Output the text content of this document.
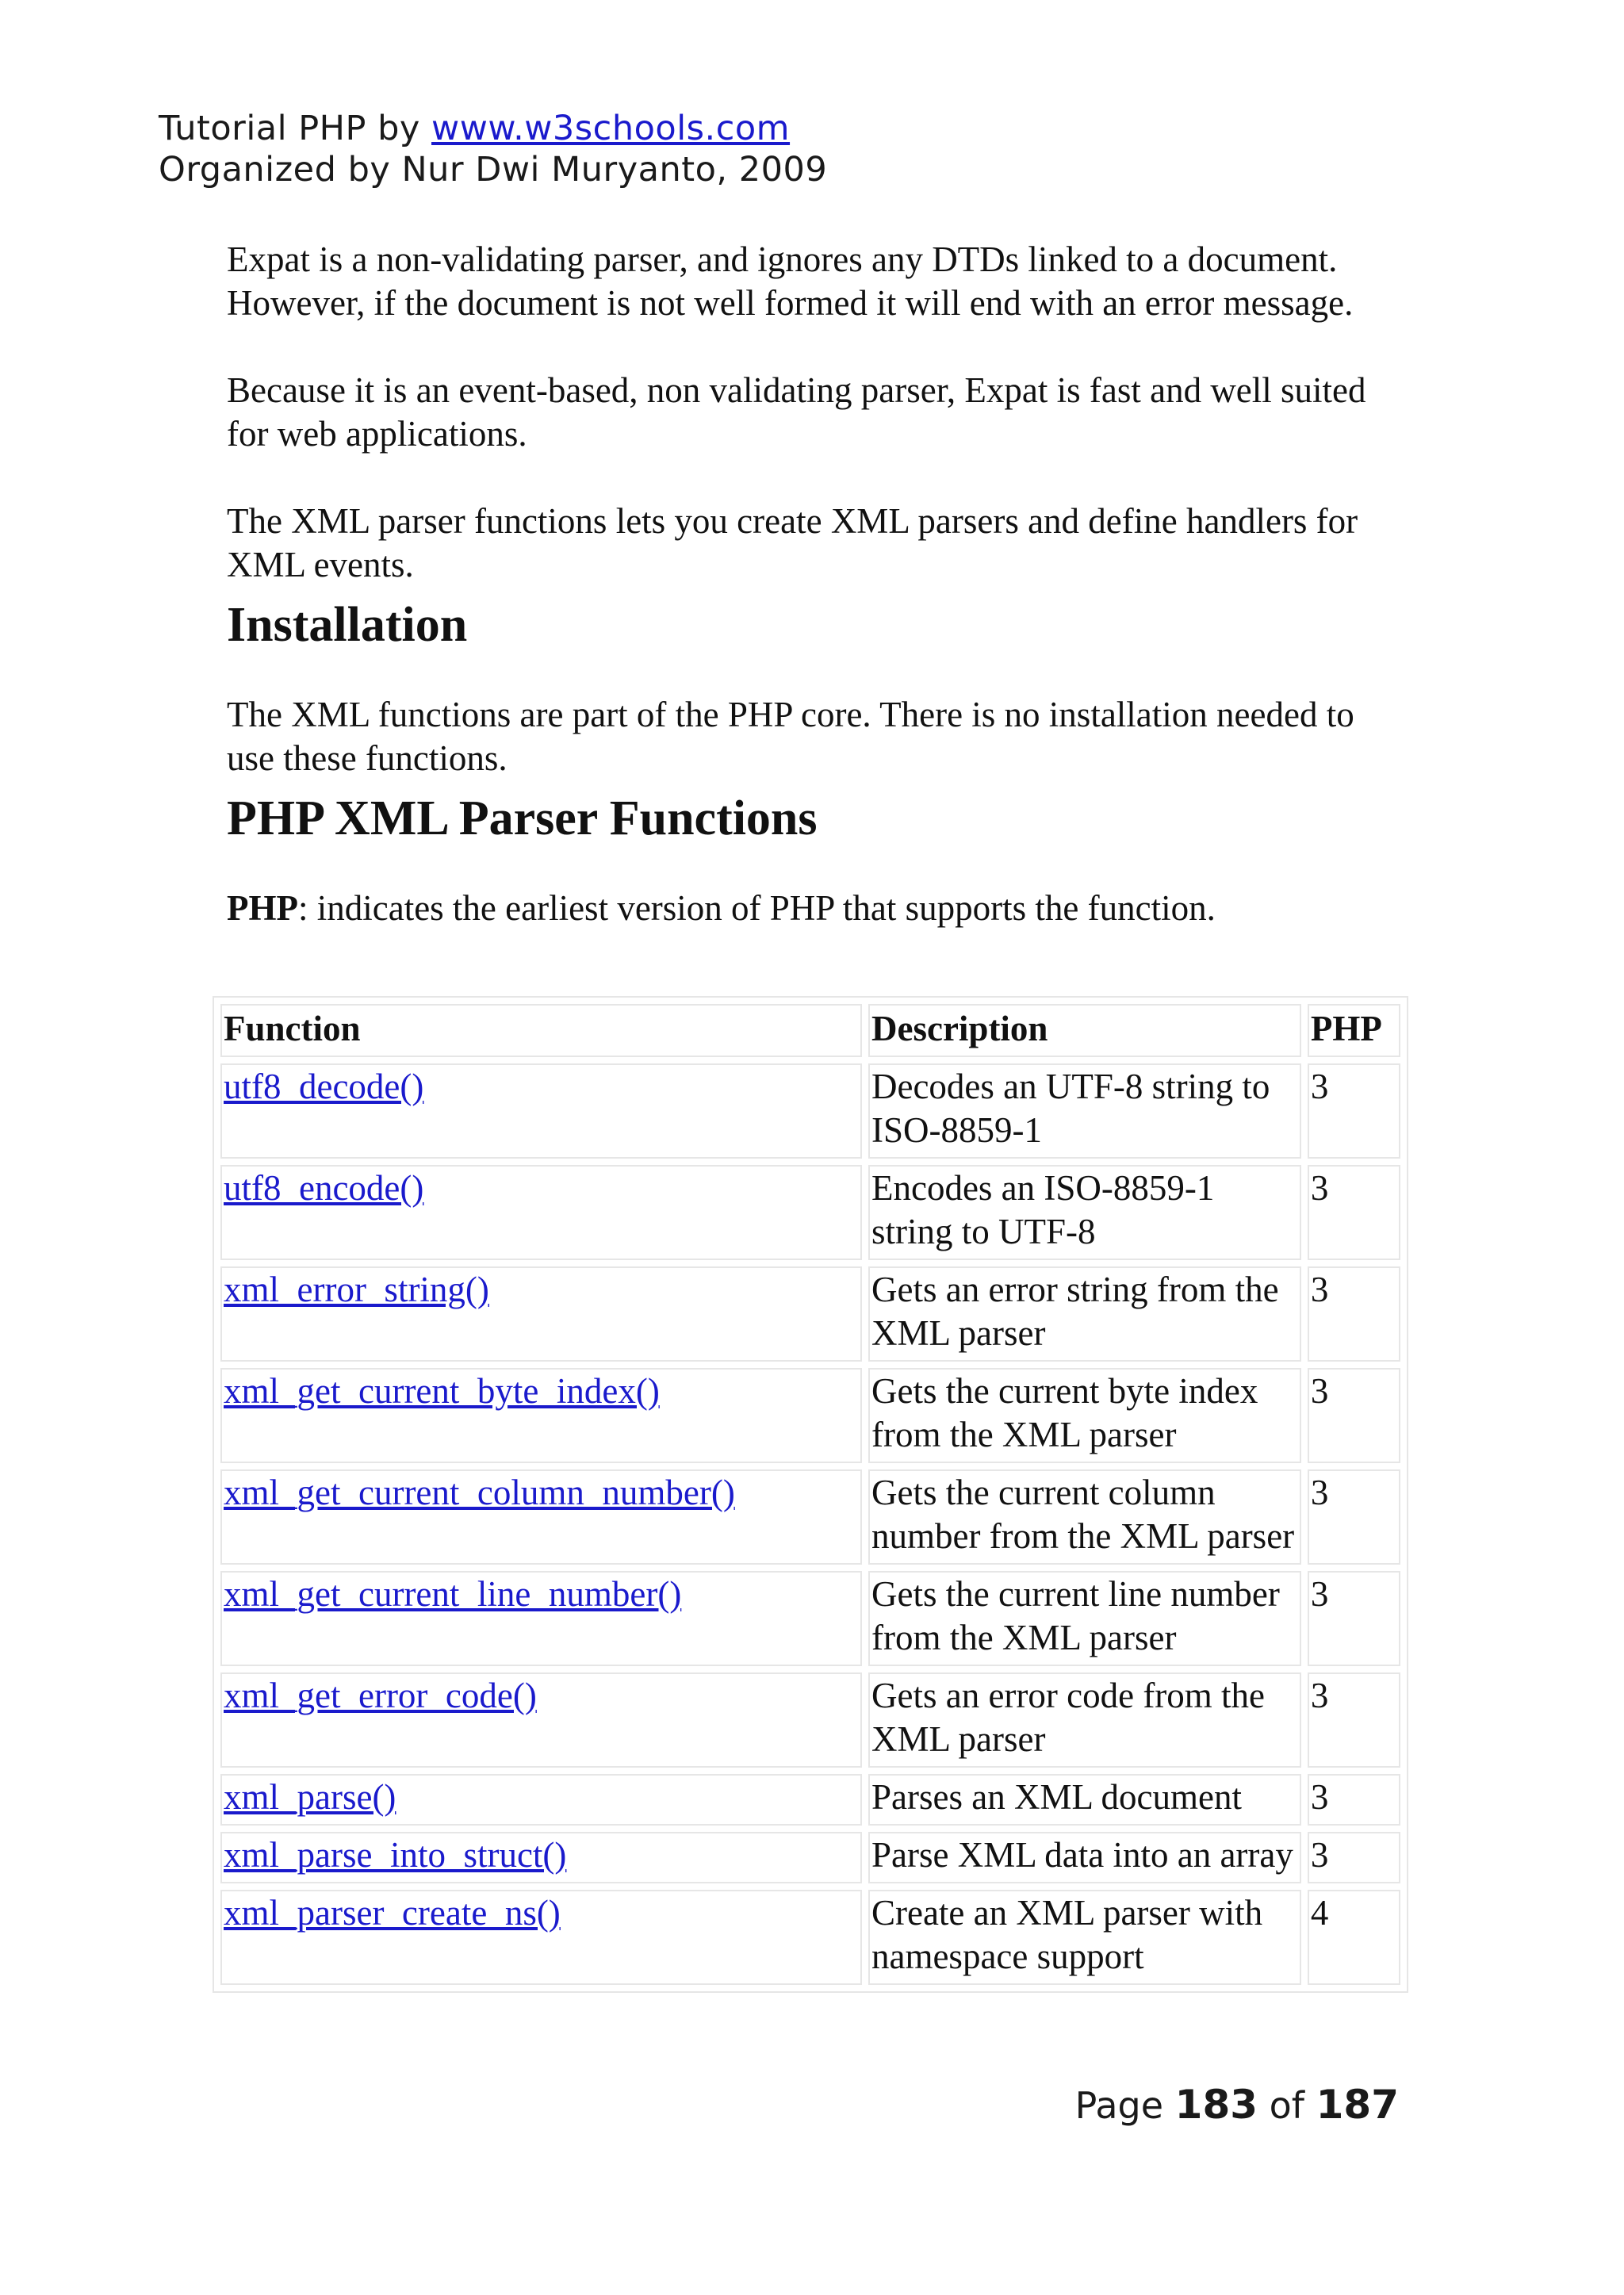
Tutorial PHP by www.w3schools.com
Organized by Nur Dwi Muryanto, 2009

Expat is a non-validating parser, and ignores any DTDs linked to a document. However, if the document is not well formed it will end with an error message.

Because it is an event-based, non validating parser, Expat is fast and well suited for web applications.

The XML parser functions lets you create XML parsers and define handlers for XML events.

Installation

The XML functions are part of the PHP core. There is no installation needed to use these functions.

PHP XML Parser Functions

PHP: indicates the earliest version of PHP that supports the function.

Function	Description	PHP
utf8_decode()	Decodes an UTF-8 string to ISO-8859-1	3
utf8_encode()	Encodes an ISO-8859-1 string to UTF-8	3
xml_error_string()	Gets an error string from the XML parser	3
xml_get_current_byte_index()	Gets the current byte index from the XML parser	3
xml_get_current_column_number()	Gets the current column number from the XML parser	3
xml_get_current_line_number()	Gets the current line number from the XML parser	3
xml_get_error_code()	Gets an error code from the XML parser	3
xml_parse()	Parses an XML document	3
xml_parse_into_struct()	Parse XML data into an array	3
xml_parser_create_ns()	Create an XML parser with namespace support	4
Page 183 of 187
